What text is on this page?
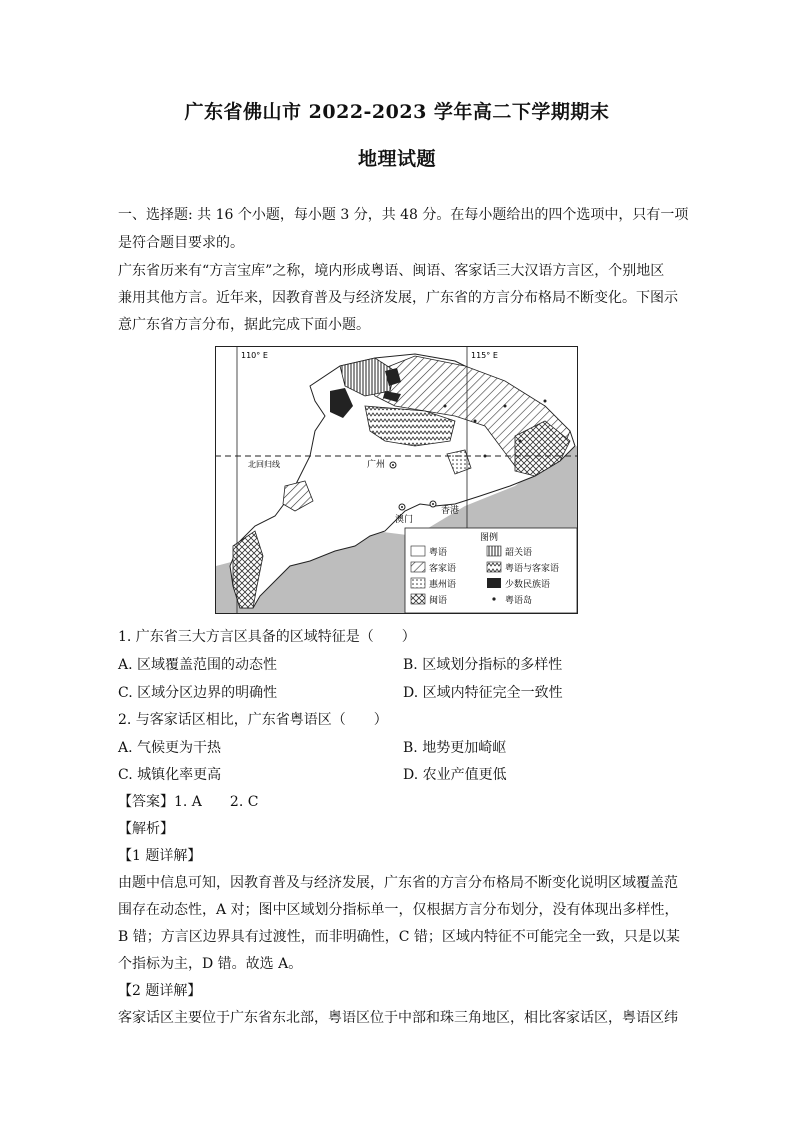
广东省佛山市 2022-2023 学年高二下学期期末
地理试题
一、选择题: 共 16 个小题，每小题 3 分，共 48 分。在每小题给出的四个选项中，只有一项
是符合题目要求的。
广东省历来有“方言宝库”之称，境内形成粤语、闽语、客家话三大汉语方言区，个别地区
兼用其他方言。近年来，因教育普及与经济发展，广东省的方言分布格局不断变化。下图示
意广东省方言分布，据此完成下面小题。
110° E	115° E
北回归线	广州
澳门
香港
图例
粤语	韶关语
客家语	粤语与客家语
惠州语	少数民族语
闽语	粤语岛
1. 广东省三大方言区具备的区域特征是（　　）
A. 区域覆盖范围的动态性	B. 区域划分指标的多样性
C. 区域分区边界的明确性	D. 区域内特征完全一致性
2. 与客家话区相比，广东省粤语区（　　）
A. 气候更为干热	B. 地势更加崎岖
C. 城镇化率更高	D. 农业产值更低
【答案】1. A　　2. C
【解析】
【1 题详解】
由题中信息可知，因教育普及与经济发展，广东省的方言分布格局不断变化说明区域覆盖范
围存在动态性，A 对；图中区域划分指标单一，仅根据方言分布划分，没有体现出多样性，
B 错；方言区边界具有过渡性，而非明确性，C 错；区域内特征不可能完全一致，只是以某
个指标为主，D 错。故选 A。
【2 题详解】
客家话区主要位于广东省东北部，粤语区位于中部和珠三角地区，相比客家话区，粤语区纬
